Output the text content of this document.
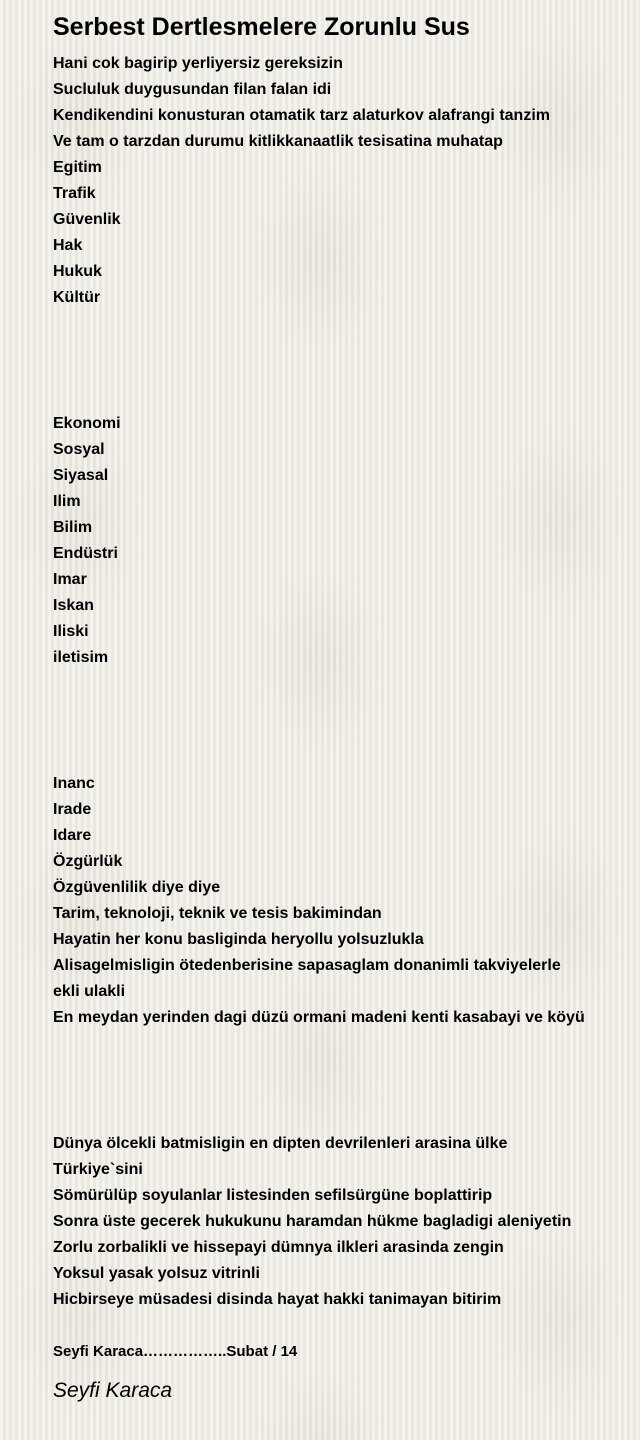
Serbest Dertlesmelere Zorunlu Sus
Hani cok bagirip yerliyersiz gereksizin
Sucluluk duygusundan filan falan idi
Kendikendini konusturan otamatik tarz alaturkov alafrangi tanzim
Ve tam o tarzdan durumu kitlikkanaatlik tesisatina muhatap
Egitim
Trafik
Güvenlik
Hak
Hukuk
Kültür
Ekonomi
Sosyal
Siyasal
Ilim
Bilim
Endüstri
Imar
Iskan
Iliski
iletisim
Inanc
Irade
Idare
Özgürlük
Özgüvenlilik diye diye
Tarim, teknoloji, teknik ve tesis bakimindan
Hayatin her konu basliginda heryollu yolsuzlukla
Alisagelmisligin ötedenberisine sapasaglam donanimli takviyelerle
ekli ulakli
En meydan yerinden dagi düzü ormani madeni kenti kasabayi ve köyü
Dünya ölcekli batmisligin en dipten devrilenleri arasina ülke
Türkiye`sini
Sömürülüp soyulanlar listesinden sefilsürgüne boplattirip
Sonra üste gecerek hukukunu haramdan hükme bagladigi aleniyetin
Zorlu zorbalikli ve hissepayi dümnya ilkleri arasinda zengin
Yoksul yasak yolsuz vitrinli
Hicbirseye müsadesi disinda hayat hakki tanimayan bitirim
Seyfi Karaca……………..Subat / 14
Seyfi Karaca
